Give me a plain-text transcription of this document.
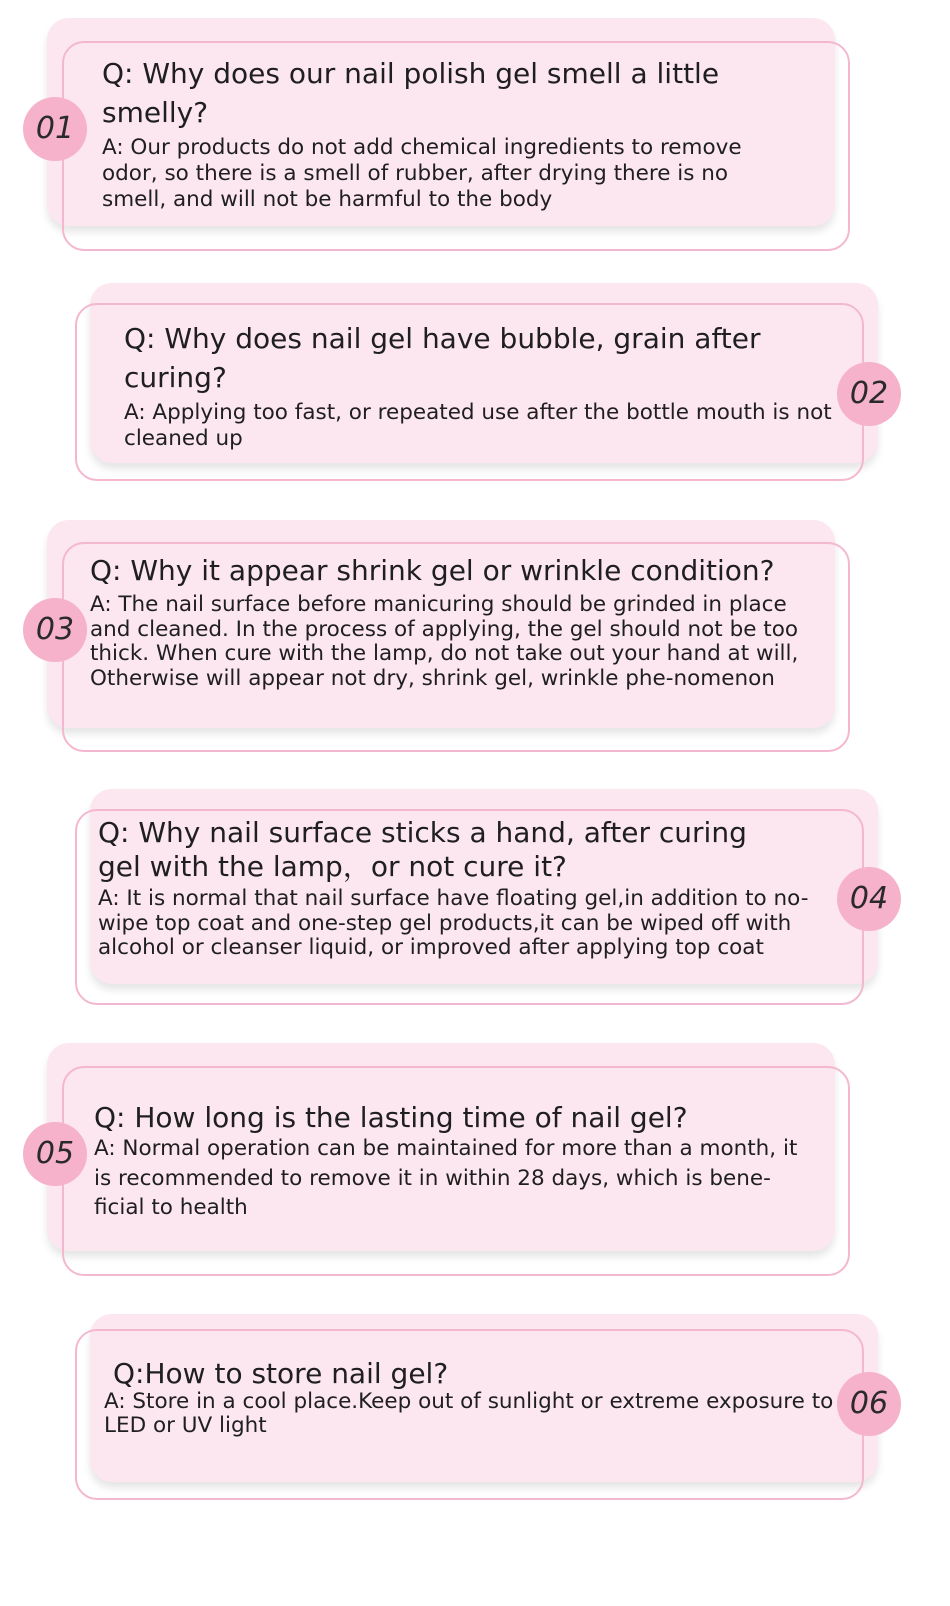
01
Q: Why does our nail polish gel smell a little smelly?
A: Our products do not add chemical ingredients to remove odor, so there is a smell of rubber, after drying there is no smell, and will not be harmful to the body
02
Q: Why does nail gel have bubble, grain after curing?
A: Applying too fast, or repeated use after the bottle mouth is not cleaned up
03
Q: Why it appear shrink gel or wrinkle condition?
A: The nail surface before manicuring should be grinded in place and cleaned. In the process of applying, the gel should not be too thick. When cure with the lamp, do not take out your hand at will, Otherwise will appear not dry, shrink gel, wrinkle phe-nomenon
04
Q: Why nail surface sticks a hand, after curing gel with the lamp，or not cure it?
A: It is normal that nail surface have floating gel,in addition to no-wipe top coat and one-step gel products,it can be wiped off with alcohol or cleanser liquid, or improved after applying top coat
05
Q: How long is the lasting time of nail gel?
A: Normal operation can be maintained for more than a month, it is recommended to remove it in within 28 days, which is bene-ficial to health
06
Q:How to store nail gel?
A: Store in a cool place.Keep out of sunlight or extreme exposure to LED or UV light
